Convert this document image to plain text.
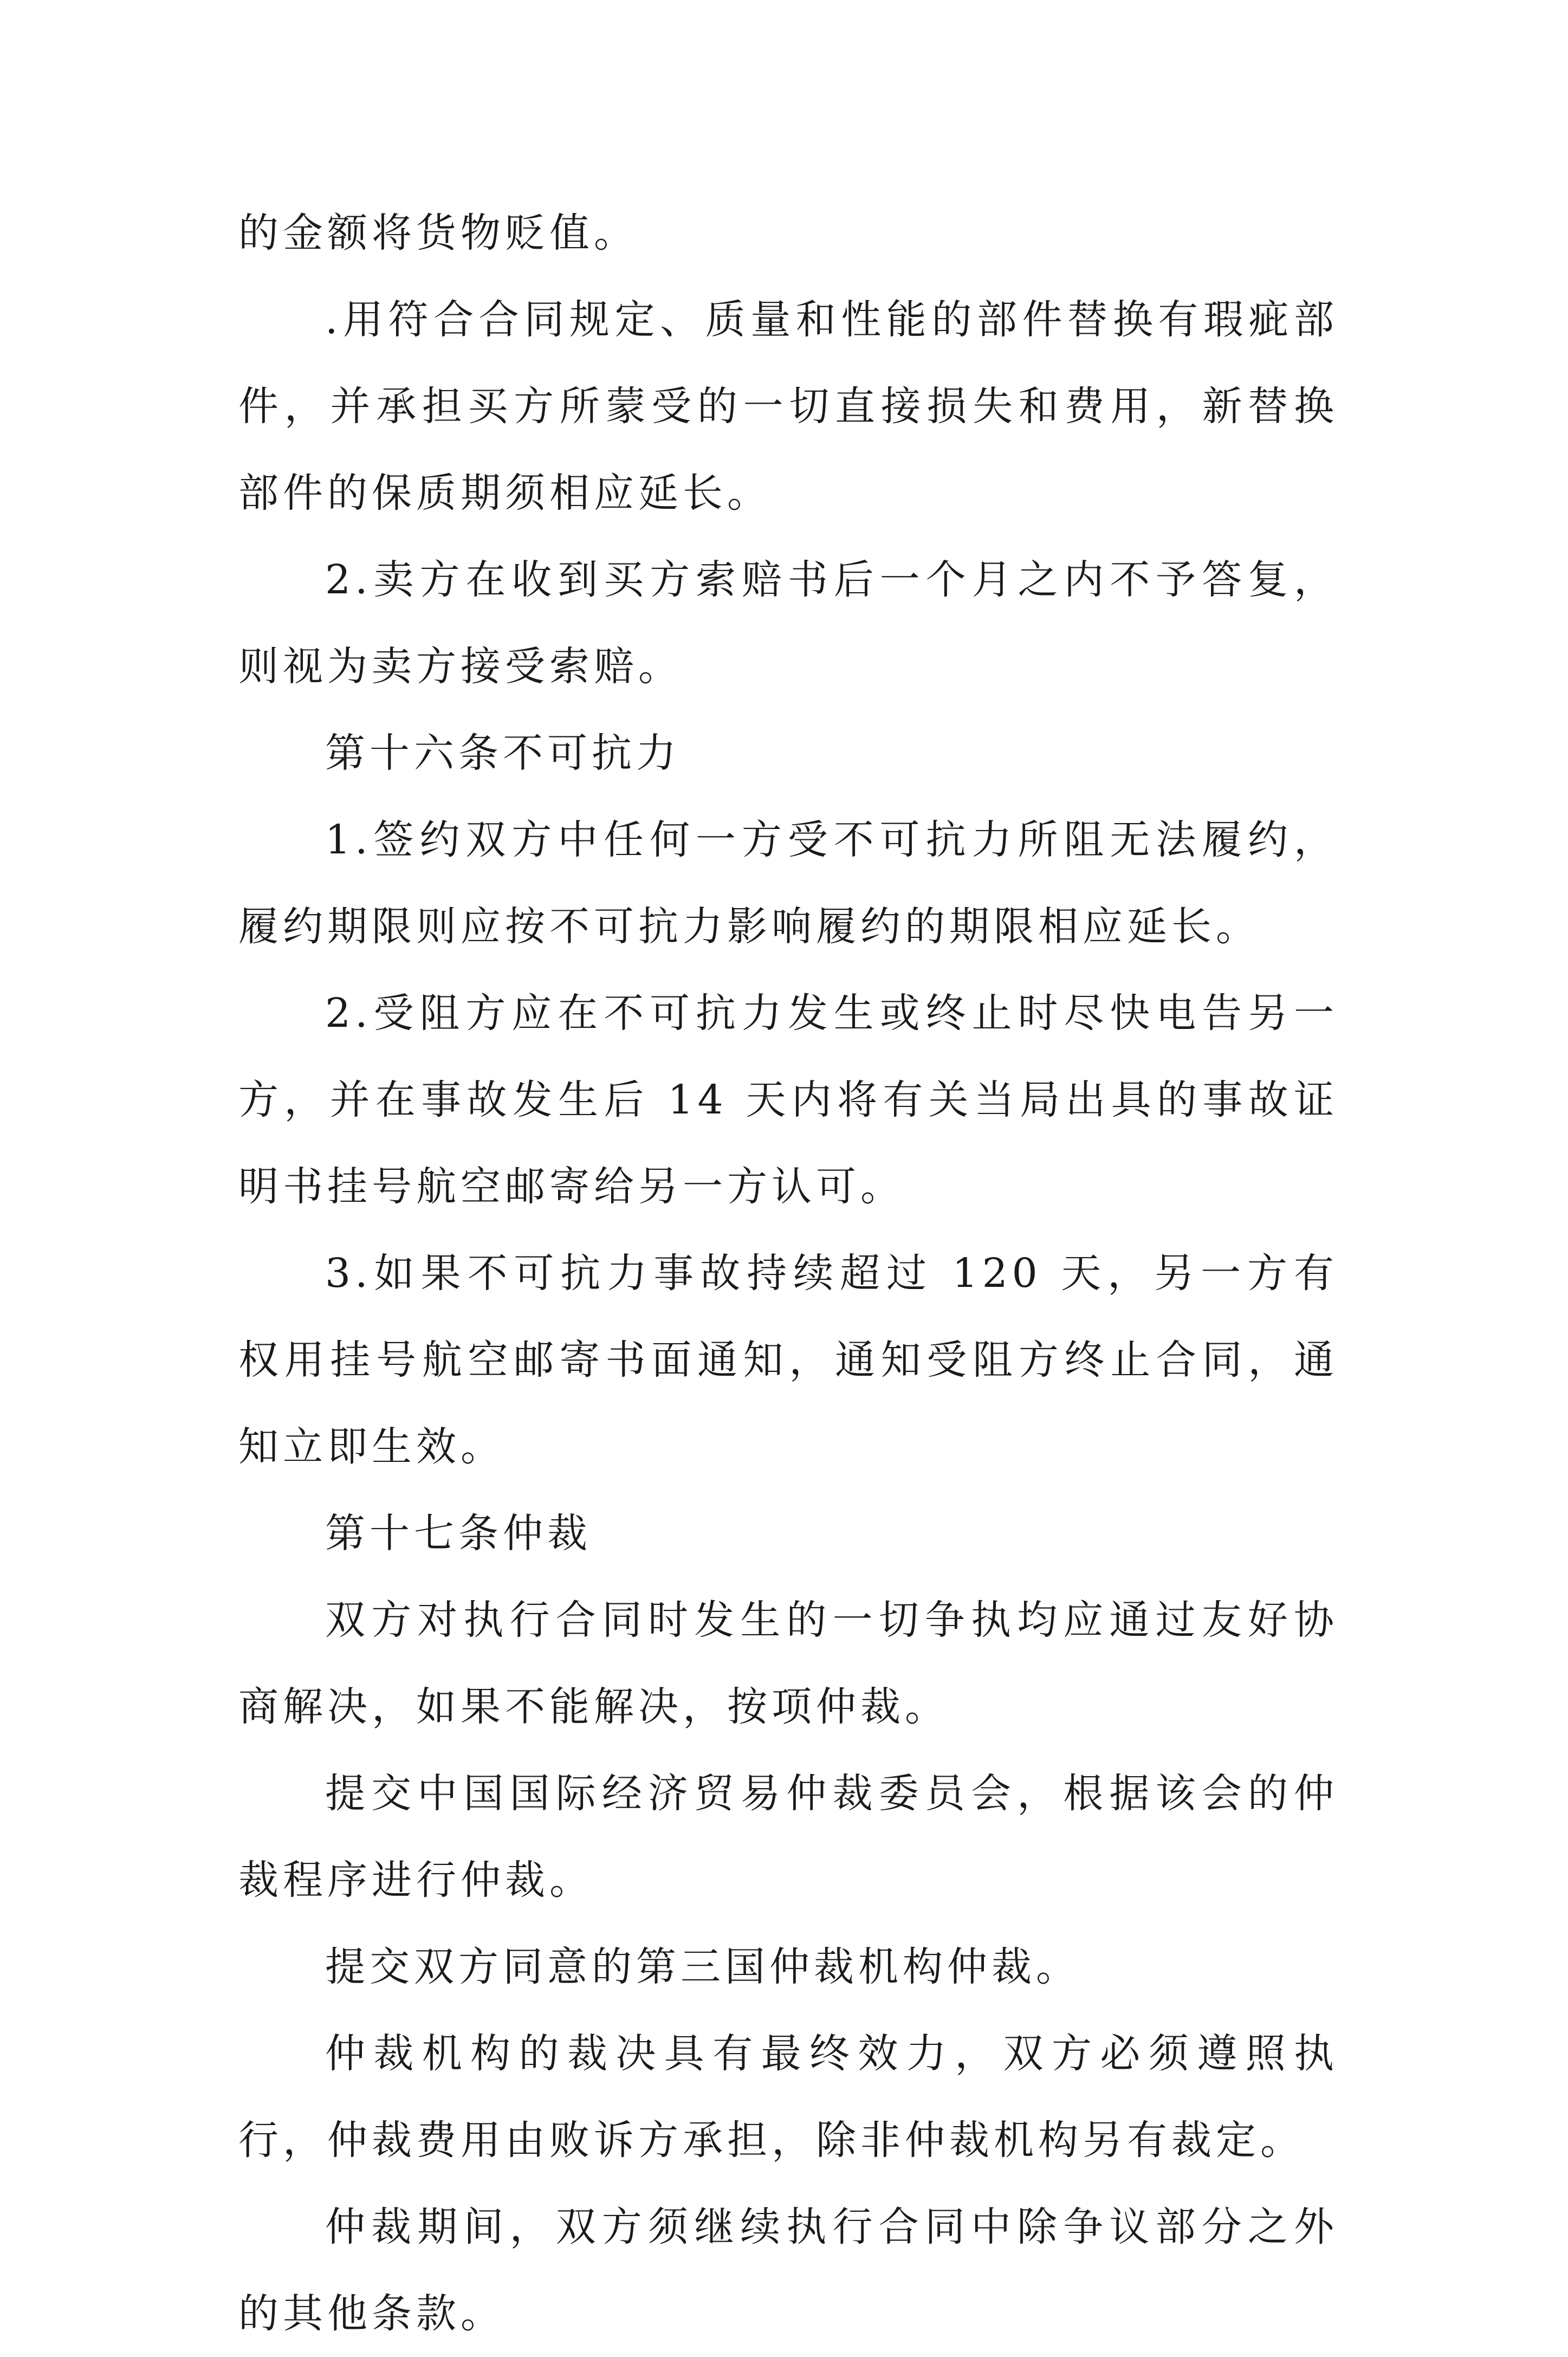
的金额将货物贬值。

.用符合合同规定、质量和性能的部件替换有瑕疵部件，并承担买方所蒙受的一切直接损失和费用，新替换部件的保质期须相应延长。

2.卖方在收到买方索赔书后一个月之内不予答复，则视为卖方接受索赔。

第十六条不可抗力

1.签约双方中任何一方受不可抗力所阻无法履约，履约期限则应按不可抗力影响履约的期限相应延长。

2.受阻方应在不可抗力发生或终止时尽快电告另一方，并在事故发生后 14 天内将有关当局出具的事故证明书挂号航空邮寄给另一方认可。

3.如果不可抗力事故持续超过 120 天，另一方有权用挂号航空邮寄书面通知，通知受阻方终止合同，通知立即生效。

第十七条仲裁

双方对执行合同时发生的一切争执均应通过友好协商解决，如果不能解决，按项仲裁。

提交中国国际经济贸易仲裁委员会，根据该会的仲裁程序进行仲裁。

提交双方同意的第三国仲裁机构仲裁。

仲裁机构的裁决具有最终效力，双方必须遵照执行，仲裁费用由败诉方承担，除非仲裁机构另有裁定。

仲裁期间，双方须继续执行合同中除争议部分之外的其他条款。
